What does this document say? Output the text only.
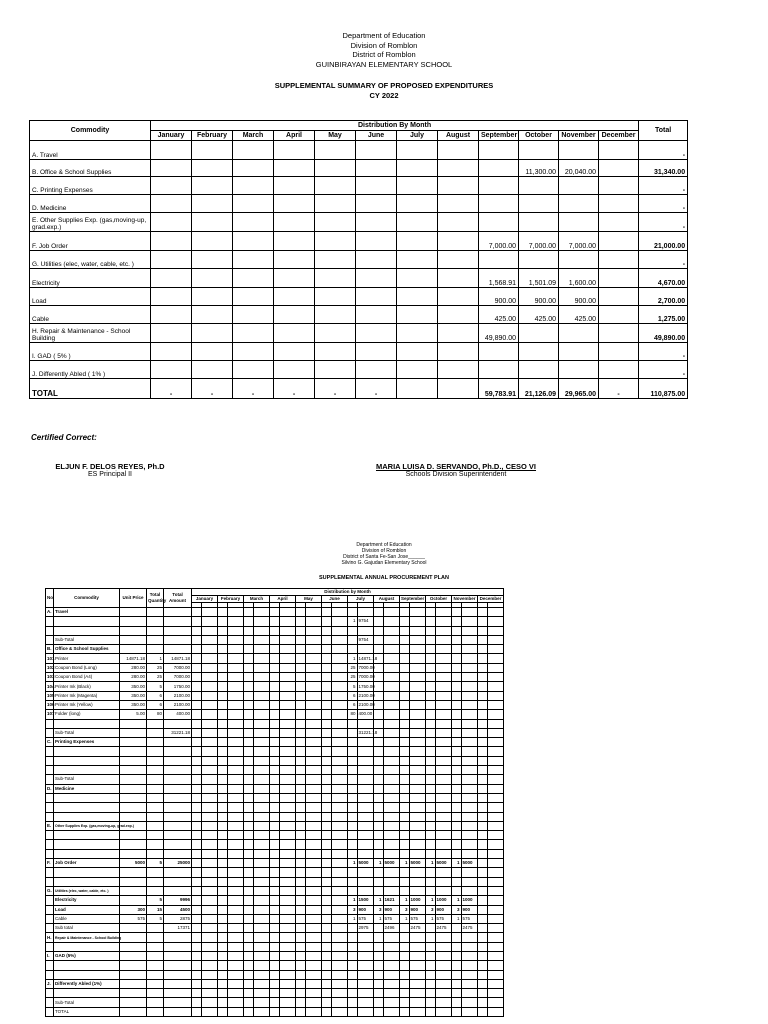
Department of Education
Division of Romblon
District of Romblon
GUINBIRAYAN ELEMENTARY SCHOOL
SUPPLEMENTAL SUMMARY OF PROPOSED EXPENDITURES
CY 2022
Commodity	Distribution By Month												Total
	January	February	March	April	May	June	July	August	September	October	November	December	
A. Travel													-
B. Office & School Supplies										11,300.00	20,040.00		31,340.00
C. Printing Expenses													-
D. Medicine													-
E. Other Supplies Exp. (gas,moving-up, grad.exp.)													-
F. Job Order									7,000.00	7,000.00	7,000.00		21,000.00
G. Utilities (elec, water, cable, etc. )													-
Electricity									1,568.91	1,501.09	1,600.00		4,670.00
Load									900.00	900.00	900.00		2,700.00
Cable									425.00	425.00	425.00		1,275.00
H. Repair & Maintenance - School Building									49,890.00				49,890.00
I. GAD ( 5% )													-
J. Differently Abled ( 1% )													-
TOTAL	-	-	-	-	-	-			59,783.91	21,126.09	29,965.00	-	110,875.00
Certified Correct:
ELJUN F. DELOS REYES, Ph.D
ES Principal II
MARIA LUISA D. SERVANDO, Ph.D., CESO VI
Schools Division Superintendent
Department of Education
Division of Romblon
District of Santa Fe-San Jose______
Silvino G. Gajudan Elementary School
SUPPLEMENTAL ANNUAL PROCUREMENT PLAN
No.	Commodity	Unit Price	Total Quantity	Total Amount	Distribution by Month																							
					January		February		March		April		May		June		July		August		September		October		November		December	

A.	Travel																											
																	1	9754										

	Sub-Total																	9754										
B.	Office & School Supplies																											
101	Printer	14871.18	1	14871.18													1	14871.18										
102	Coupon Bond (Long)	280.00	25	7000.00													25	7000.00										
103	Coupon Bond (A4)	280.00	25	7000.00													25	7000.00										
104	Printer Ink (Black)	350.00	5	1750.00													5	1750.00										
105	Printer Ink (Magenta)	350.00	6	2100.00													6	2100.00										
106	Printer Ink (Yellow)	350.00	6	2100.00													6	2100.00										
107	Folder (long)	5.00	80	400.00													80	400.00										

	Sub-Total			31221.18														31221.18										
C.	Printing Expenses																											

	Sub-Total																											
D.	Medicine																											

E.	Other Supplies Exp. (gas,moving-up, grad.exp.)																											

F.	Job Order	5000	5	25000													1	5000	1	5000	1	5000	1	5000	1	5000		

G.	Utilities (elec, water, cable, etc. )																											
	Electricity		5	9996													1	1500	1	1621	1	1000	1	1000	1	1000		
	Load	300	15	4500													3	900	3	900	3	900	3	900	3	900		
	Cable	575	5	2875													1	575	1	575	1	575	1	575	1	575		
	Sub total			17371														2975		2496		2475		2475		2475		
H.	Repair & Maintenance - School Building																											

I.	GAD (5%)																											

J.	Differently Abled (1%)																											

	Sub-Total																											
	TOTAL																											
